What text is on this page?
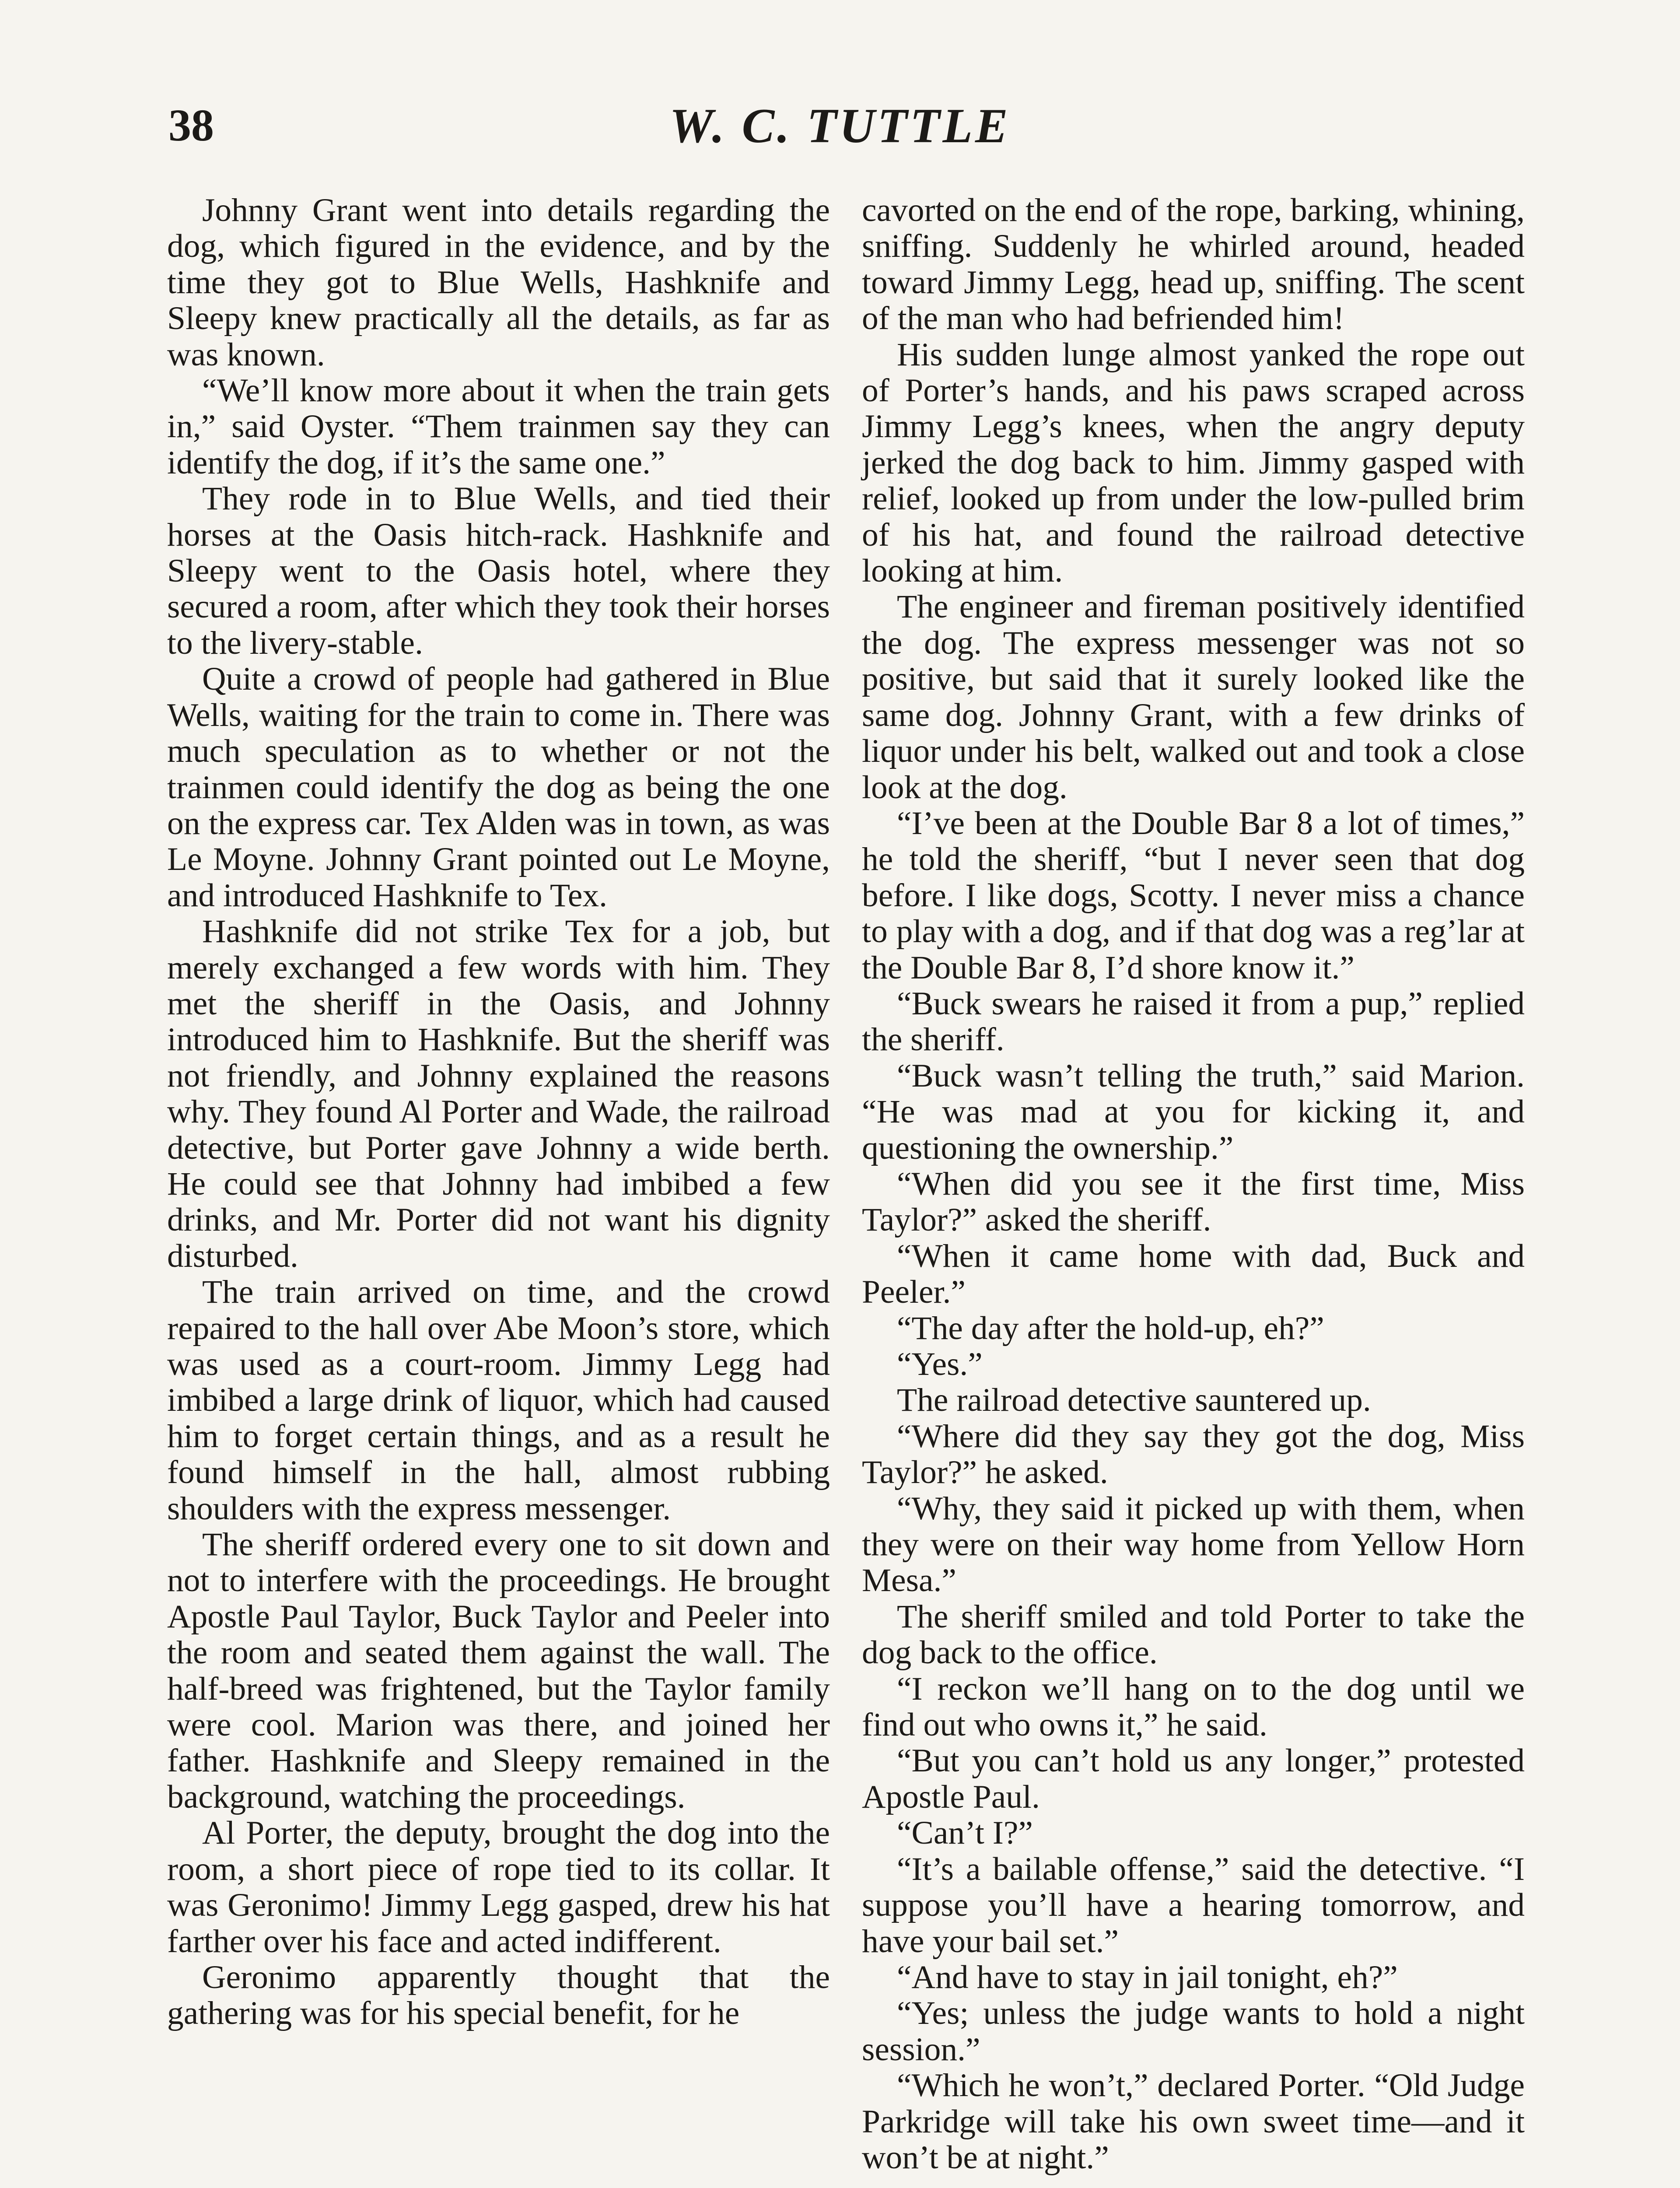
38	W. C. TUTTLE

Johnny Grant went into details regarding the dog, which figured in the evidence, and by the time they got to Blue Wells, Hashknife and Sleepy knew practically all the details, as far as was known.

“We’ll know more about it when the train gets in,” said Oyster. “Them trainmen say they can identify the dog, if it’s the same one.”

They rode in to Blue Wells, and tied their horses at the Oasis hitch-rack. Hashknife and Sleepy went to the Oasis hotel, where they secured a room, after which they took their horses to the livery-stable.

Quite a crowd of people had gathered in Blue Wells, waiting for the train to come in. There was much speculation as to whether or not the trainmen could identify the dog as being the one on the express car. Tex Alden was in town, as was Le Moyne. Johnny Grant pointed out Le Moyne, and introduced Hashknife to Tex.

Hashknife did not strike Tex for a job, but merely exchanged a few words with him. They met the sheriff in the Oasis, and Johnny introduced him to Hashknife. But the sheriff was not friendly, and Johnny explained the reasons why. They found Al Porter and Wade, the railroad detective, but Porter gave Johnny a wide berth. He could see that Johnny had imbibed a few drinks, and Mr. Porter did not want his dignity disturbed.

The train arrived on time, and the crowd repaired to the hall over Abe Moon’s store, which was used as a court-room. Jimmy Legg had imbibed a large drink of liquor, which had caused him to forget certain things, and as a result he found himself in the hall, almost rubbing shoulders with the express messenger.

The sheriff ordered every one to sit down and not to interfere with the proceedings. He brought Apostle Paul Taylor, Buck Taylor and Peeler into the room and seated them against the wall. The half-breed was frightened, but the Taylor family were cool. Marion was there, and joined her father. Hashknife and Sleepy remained in the background, watching the proceedings.

Al Porter, the deputy, brought the dog into the room, a short piece of rope tied to its collar. It was Geronimo! Jimmy Legg gasped, drew his hat farther over his face and acted indifferent.

Geronimo apparently thought that the gathering was for his special benefit, for he

cavorted on the end of the rope, barking, whining, sniffing. Suddenly he whirled around, headed toward Jimmy Legg, head up, sniffing. The scent of the man who had befriended him!

His sudden lunge almost yanked the rope out of Porter’s hands, and his paws scraped across Jimmy Legg’s knees, when the angry deputy jerked the dog back to him. Jimmy gasped with relief, looked up from under the low-pulled brim of his hat, and found the railroad detective looking at him.

The engineer and fireman positively identified the dog. The express messenger was not so positive, but said that it surely looked like the same dog. Johnny Grant, with a few drinks of liquor under his belt, walked out and took a close look at the dog.

“I’ve been at the Double Bar 8 a lot of times,” he told the sheriff, “but I never seen that dog before. I like dogs, Scotty. I never miss a chance to play with a dog, and if that dog was a reg’lar at the Double Bar 8, I’d shore know it.”

“Buck swears he raised it from a pup,” replied the sheriff.

“Buck wasn’t telling the truth,” said Marion. “He was mad at you for kicking it, and questioning the ownership.”

“When did you see it the first time, Miss Taylor?” asked the sheriff.

“When it came home with dad, Buck and Peeler.”

“The day after the hold-up, eh?”

“Yes.”

The railroad detective sauntered up.

“Where did they say they got the dog, Miss Taylor?” he asked.

“Why, they said it picked up with them, when they were on their way home from Yellow Horn Mesa.”

The sheriff smiled and told Porter to take the dog back to the office.

“I reckon we’ll hang on to the dog until we find out who owns it,” he said.

“But you can’t hold us any longer,” protested Apostle Paul.

“Can’t I?”

“It’s a bailable offense,” said the detective. “I suppose you’ll have a hearing tomorrow, and have your bail set.”

“And have to stay in jail tonight, eh?”

“Yes; unless the judge wants to hold a night session.”

“Which he won’t,” declared Porter. “Old Judge Parkridge will take his own sweet time—and it won’t be at night.”
